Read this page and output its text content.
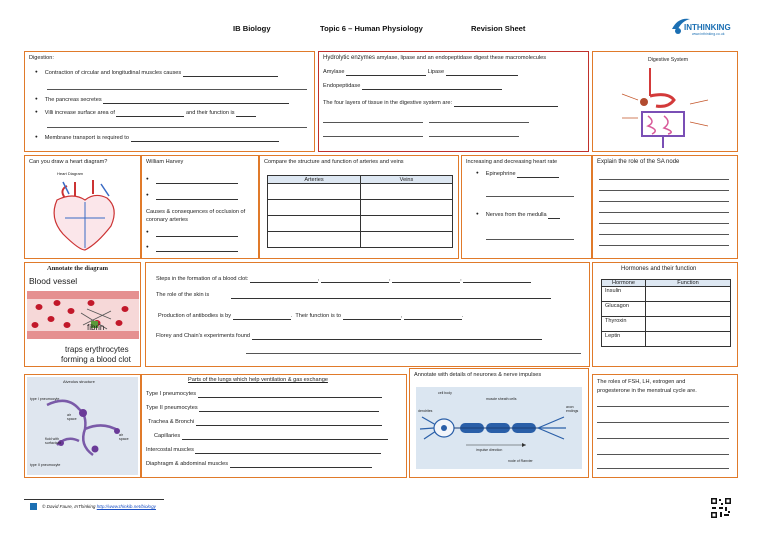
IB Biology	Topic 6 – Human Physiology	Revision Sheet	INTHINKING
www.inthinking.co.uk
Digestion:
● Contraction of circular and longitudinal muscles causes
● The pancreas secretes
● Villi increase surface area of	and their function is
● Membrane transport is required to
Hydrolytic enzymes amylase, lipase and an endopeptidase digest these macromolecules
Amylase	Lipase
Endopeptidase
The four layers of tissue in the digestive system are:
Digestive System
Can you draw a heart diagram?
Heart Diagram
William Harvey
●
●
Causes & consequences of occlusion of coronary arteries
●
●
Compare the structure and function of arteries and veins
Arteries	Veins

Increasing and decreasing heart rate
● Epinephrine
● Nerves from the medulla
Explain the role of the SA node
Annotate the diagram
Blood vessel
fibrin
traps erythrocytes
forming a blood clot
Steps in the formation of a blood clot:	,	,	,
The role of the skin is
Production of antibodies is by	.  Their function is to	,	.
Florey and Chain's experiments found
Hormones and their function
Hormone	Function
Insulin	
Glucagon	
Thyroxin	
Leptin	
Alveolus structure
type I pneumocyte
air space
fluid with surfactant
air space
type II pneumocyte
Parts of the lungs which help ventilation & gas exchange
Type I pneumocytes
Type II pneumocytes
Trachea & Bronchi
Capillaries
Intercostal muscles
Diaphragm & abdominal muscles
Annotate with details of neurones & nerve impulses
dendrites
cell body
muscle sheath cells
impulse direction
node of Ranvier
axon endings
The roles of FSH, LH, estrogen and progesterone in the menstrual cycle are.
© David Faure, InThinking http://www.thinkib.net/biology
